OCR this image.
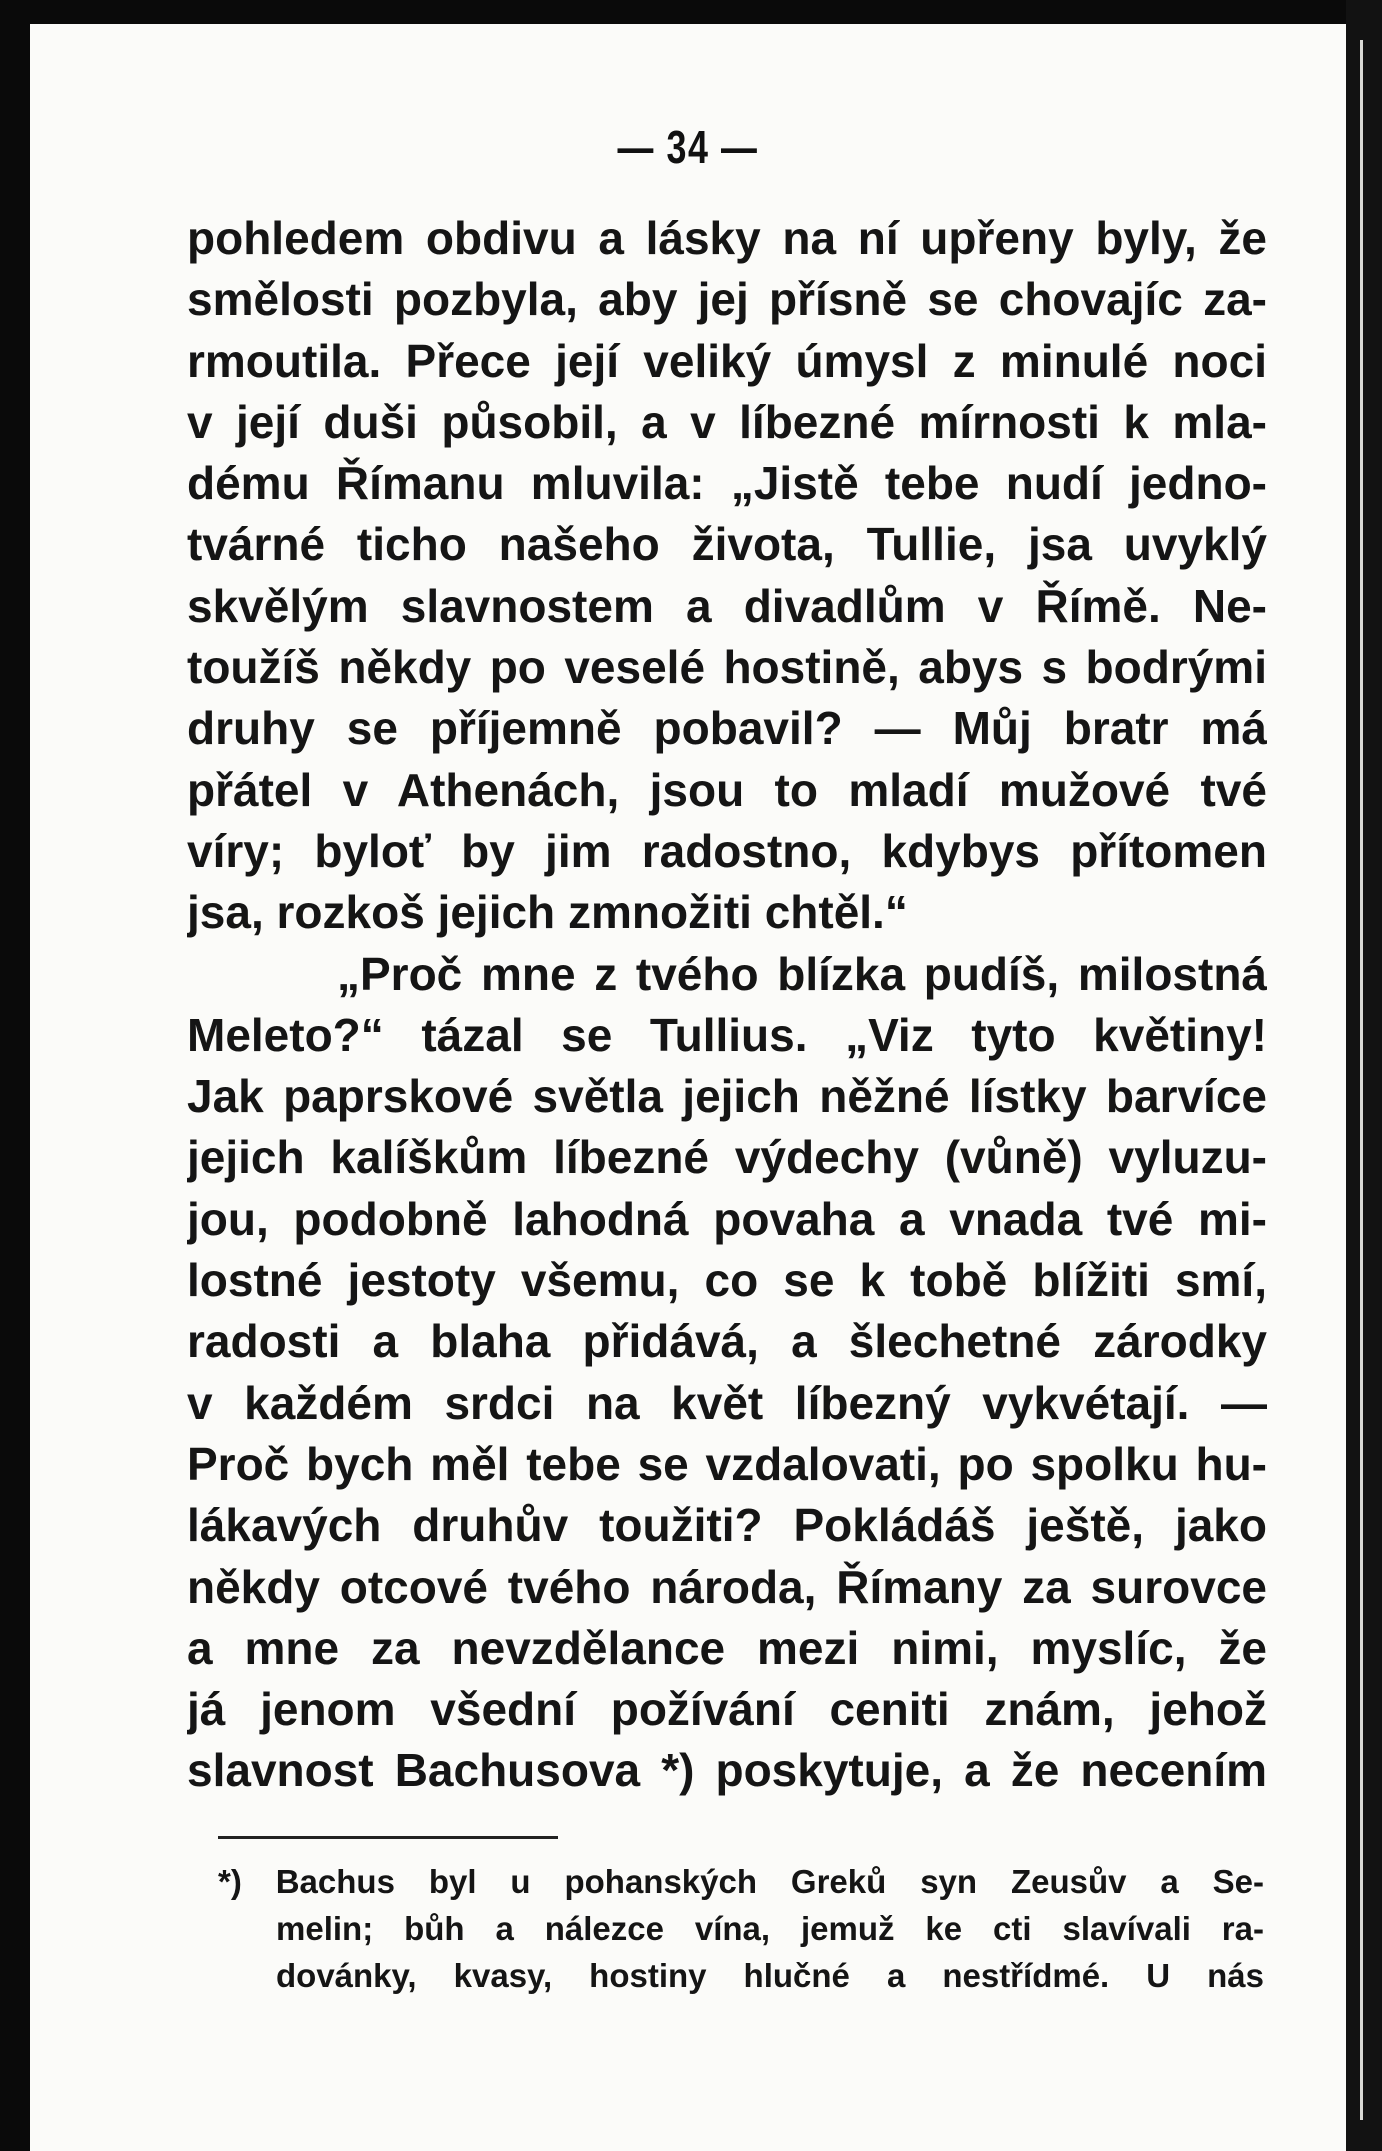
— 34 —
pohledem obdivu a lásky na ní upřeny byly, že
smělosti pozbyla, aby jej přísně se chovajíc za-
rmoutila. Přece její veliký úmysl z minulé noci
v její duši působil, a v líbezné mírnosti k mla-
dému Římanu mluvila: „Jistě tebe nudí jedno-
tvárné ticho našeho života, Tullie, jsa uvyklý
skvělým slavnostem a divadlům v Římě. Ne-
toužíš někdy po veselé hostině, abys s bodrými
druhy se příjemně pobavil? — Můj bratr má
přátel v Athenách, jsou to mladí mužové tvé
víry; byloť by jim radostno, kdybys přítomen
jsa, rozkoš jejich zmnožiti chtěl.“
„Proč mne z tvého blízka pudíš, milostná
Meleto?“ tázal se Tullius. „Viz tyto květiny!
Jak paprskové světla jejich něžné lístky barvíce
jejich kalíškům líbezné výdechy (vůně) vyluzu-
jou, podobně lahodná povaha a vnada tvé mi-
lostné jestoty všemu, co se k tobě blížiti smí,
radosti a blaha přidává, a šlechetné zárodky
v každém srdci na květ líbezný vykvétají. —
Proč bych měl tebe se vzdalovati, po spolku hu-
lákavých druhův toužiti? Pokládáš ještě, jako
někdy otcové tvého národa, Římany za surovce
a mne za nevzdělance mezi nimi, myslíc, že
já jenom všední požívání ceniti znám, jehož
slavnost Bachusova *) poskytuje, a že necením
*) Bachus byl u pohanských Greků syn Zeusův a Se-
melin; bůh a nálezce vína, jemuž ke cti slavívali ra-
dovánky, kvasy, hostiny hlučné a nestřídmé. U nás
